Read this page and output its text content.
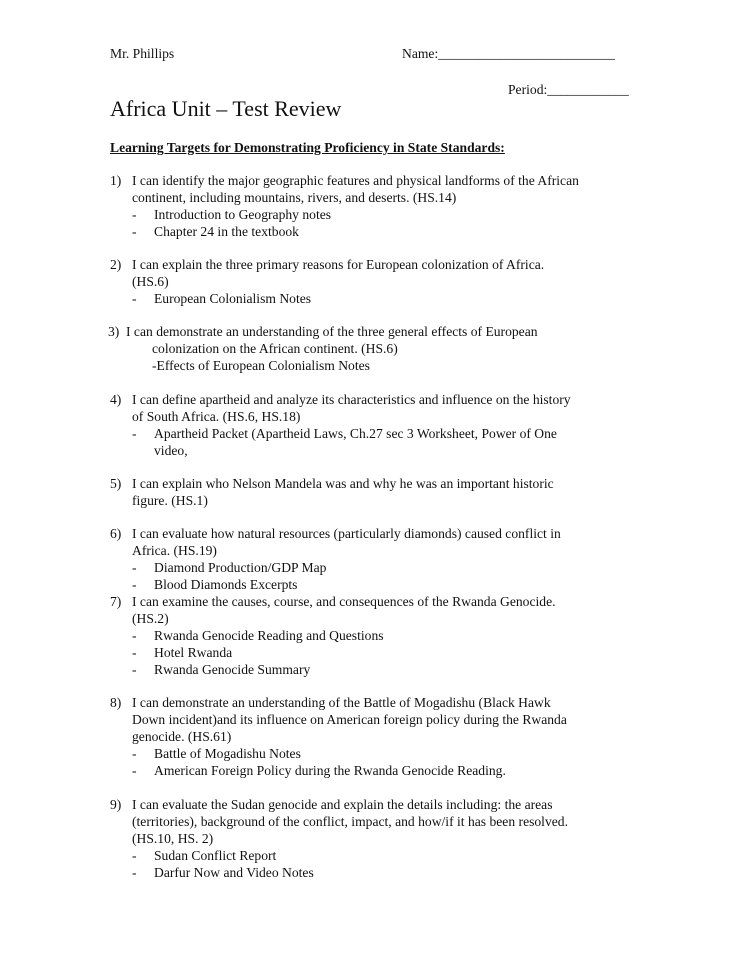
Mr. Phillips	Name:__________________________
Period:____________
Africa Unit – Test Review
Learning Targets for Demonstrating Proficiency in State Standards:
1) I can identify the major geographic features and physical landforms of the African
continent, including mountains, rivers, and deserts. (HS.14)
-	Introduction to Geography notes
-	Chapter 24 in the textbook
2) I can explain the three primary reasons for European colonization of Africa.
(HS.6)
-	European Colonialism Notes
3) I can demonstrate an understanding of the three general effects of European
colonization on the African continent. (HS.6)
-Effects of European Colonialism Notes
4) I can define apartheid and analyze its characteristics and influence on the history
of South Africa. (HS.6, HS.18)
-	Apartheid Packet (Apartheid Laws, Ch.27 sec 3 Worksheet, Power of One
video,
5) I can explain who Nelson Mandela was and why he was an important historic
figure. (HS.1)
6) I can evaluate how natural resources (particularly diamonds) caused conflict in
Africa. (HS.19)
-	Diamond Production/GDP Map
-	Blood Diamonds Excerpts
7) I can examine the causes, course, and consequences of the Rwanda Genocide.
(HS.2)
-	Rwanda Genocide Reading and Questions
-	Hotel Rwanda
-	Rwanda Genocide Summary
8) I can demonstrate an understanding of the Battle of Mogadishu (Black Hawk
Down incident)and its influence on American foreign policy during the Rwanda
genocide. (HS.61)
-	Battle of Mogadishu Notes
-	American Foreign Policy during the Rwanda Genocide Reading.
9) I can evaluate the Sudan genocide and explain the details including: the areas
(territories), background of the conflict, impact, and how/if it has been resolved.
(HS.10, HS. 2)
-	Sudan Conflict Report
-	Darfur Now and Video Notes
